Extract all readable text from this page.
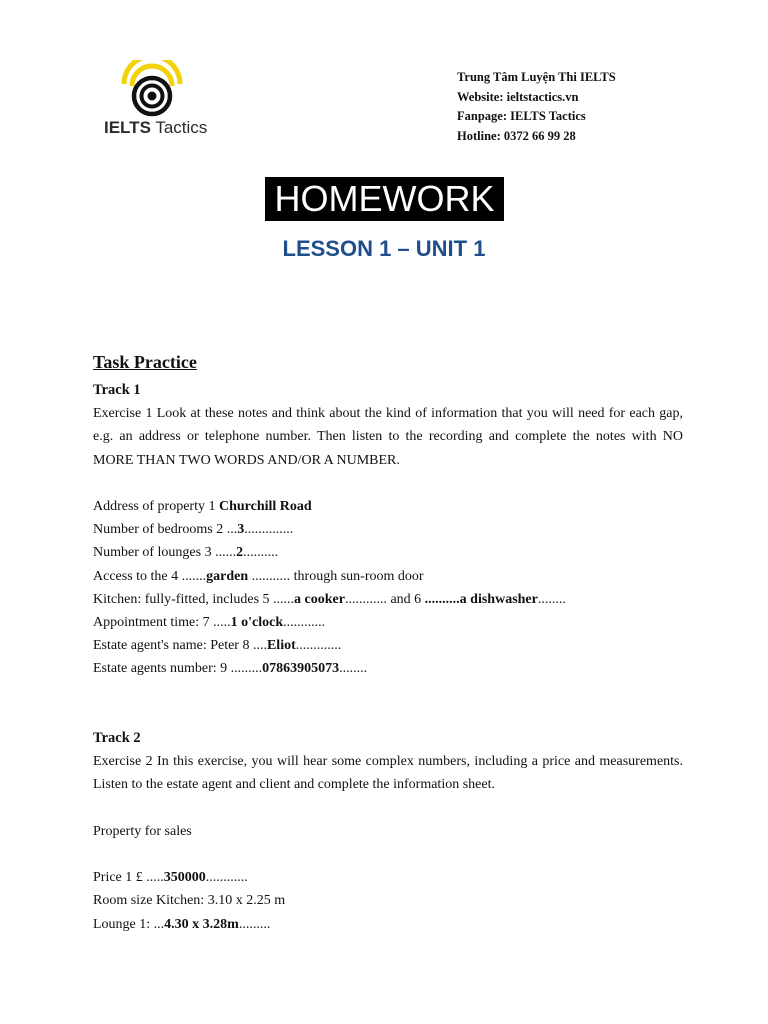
IELTS Tactics
Trung Tâm Luyện Thi IELTS
Website: ieltstactics.vn
Fanpage: IELTS Tactics
Hotline: 0372 66 99 28
HOMEWORK
LESSON 1 – UNIT 1
Task Practice
Track 1
Exercise 1 Look at these notes and think about the kind of information that you will need for each gap, e.g. an address or telephone number. Then listen to the recording and complete the notes with NO MORE THAN TWO WORDS AND/OR A NUMBER.
Address of property 1 Churchill Road
Number of bedrooms 2 ...3..............
Number of lounges 3 ......2..........
Access to the 4 .......garden ........... through sun-room door
Kitchen: fully-fitted, includes 5 ......a cooker............ and 6 ..........a dishwasher........
Appointment time: 7 .....1 o'clock............
Estate agent's name: Peter 8 ....Eliot.............
Estate agents number: 9 .........07863905073........
Track 2
Exercise 2 In this exercise, you will hear some complex numbers, including a price and measurements. Listen to the estate agent and client and complete the information sheet.
Property for sales
Price 1 £ .....350000............
Room size Kitchen: 3.10 x 2.25 m
Lounge 1: ...4.30 x 3.28m.........
